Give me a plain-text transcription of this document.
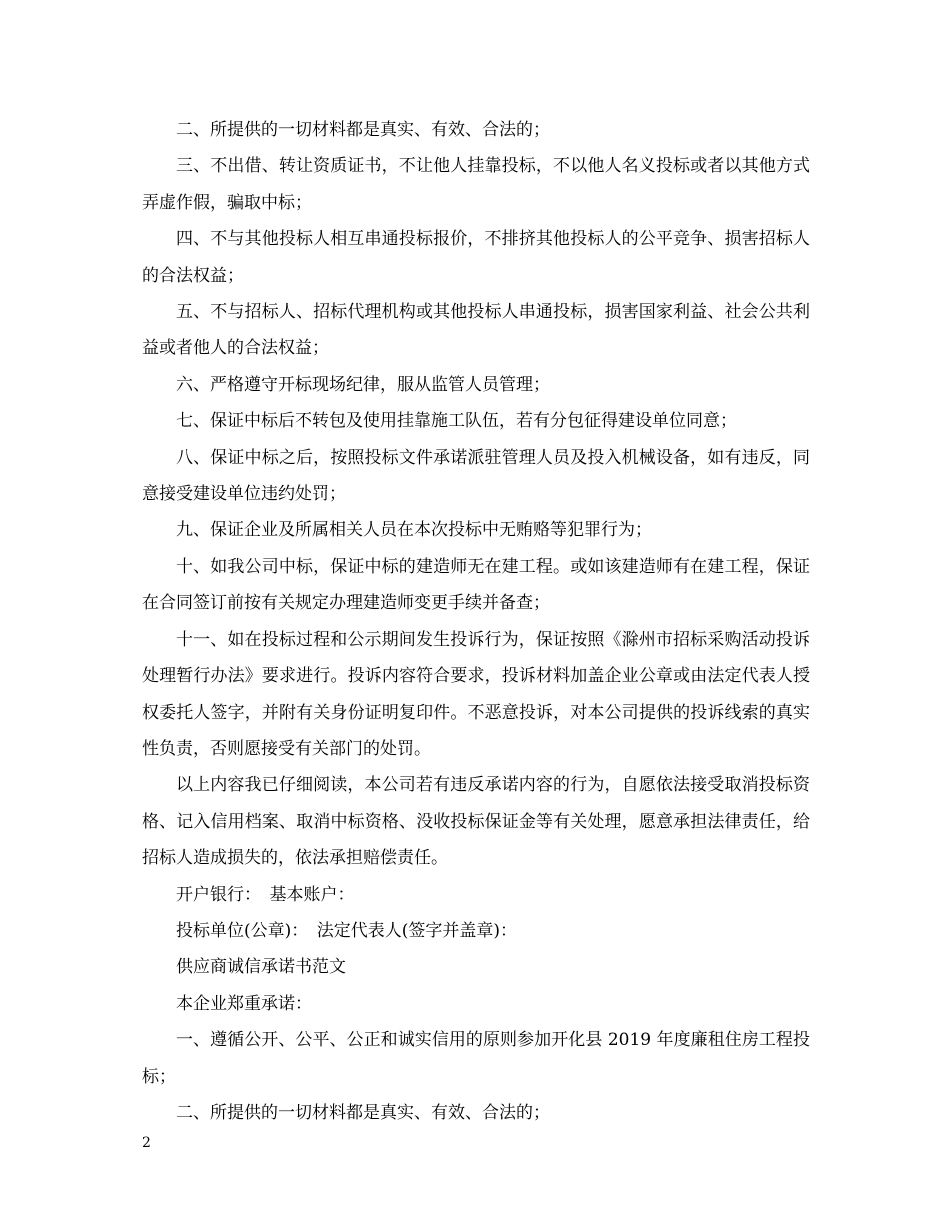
二、所提供的一切材料都是真实、有效、合法的；

三、不出借、转让资质证书，不让他人挂靠投标，不以他人名义投标或者以其他方式弄虚作假，骗取中标；

四、不与其他投标人相互串通投标报价，不排挤其他投标人的公平竞争、损害招标人的合法权益；

五、不与招标人、招标代理机构或其他投标人串通投标，损害国家利益、社会公共利益或者他人的合法权益；

六、严格遵守开标现场纪律，服从监管人员管理；

七、保证中标后不转包及使用挂靠施工队伍，若有分包征得建设单位同意；

八、保证中标之后，按照投标文件承诺派驻管理人员及投入机械设备，如有违反，同意接受建设单位违约处罚；

九、保证企业及所属相关人员在本次投标中无贿赂等犯罪行为；

十、如我公司中标，保证中标的建造师无在建工程。或如该建造师有在建工程，保证在合同签订前按有关规定办理建造师变更手续并备查；

十一、如在投标过程和公示期间发生投诉行为，保证按照《滁州市招标采购活动投诉处理暂行办法》要求进行。投诉内容符合要求，投诉材料加盖企业公章或由法定代表人授权委托人签字，并附有关身份证明复印件。不恶意投诉，对本公司提供的投诉线索的真实性负责，否则愿接受有关部门的处罚。

以上内容我已仔细阅读，本公司若有违反承诺内容的行为，自愿依法接受取消投标资格、记入信用档案、取消中标资格、没收投标保证金等有关处理，愿意承担法律责任，给招标人造成损失的，依法承担赔偿责任。

开户银行：　基本账户：

投标单位(公章)：　法定代表人(签字并盖章)：

供应商诚信承诺书范文

本企业郑重承诺：

一、遵循公开、公平、公正和诚实信用的原则参加开化县 2019 年度廉租住房工程投标；

二、所提供的一切材料都是真实、有效、合法的；

2
